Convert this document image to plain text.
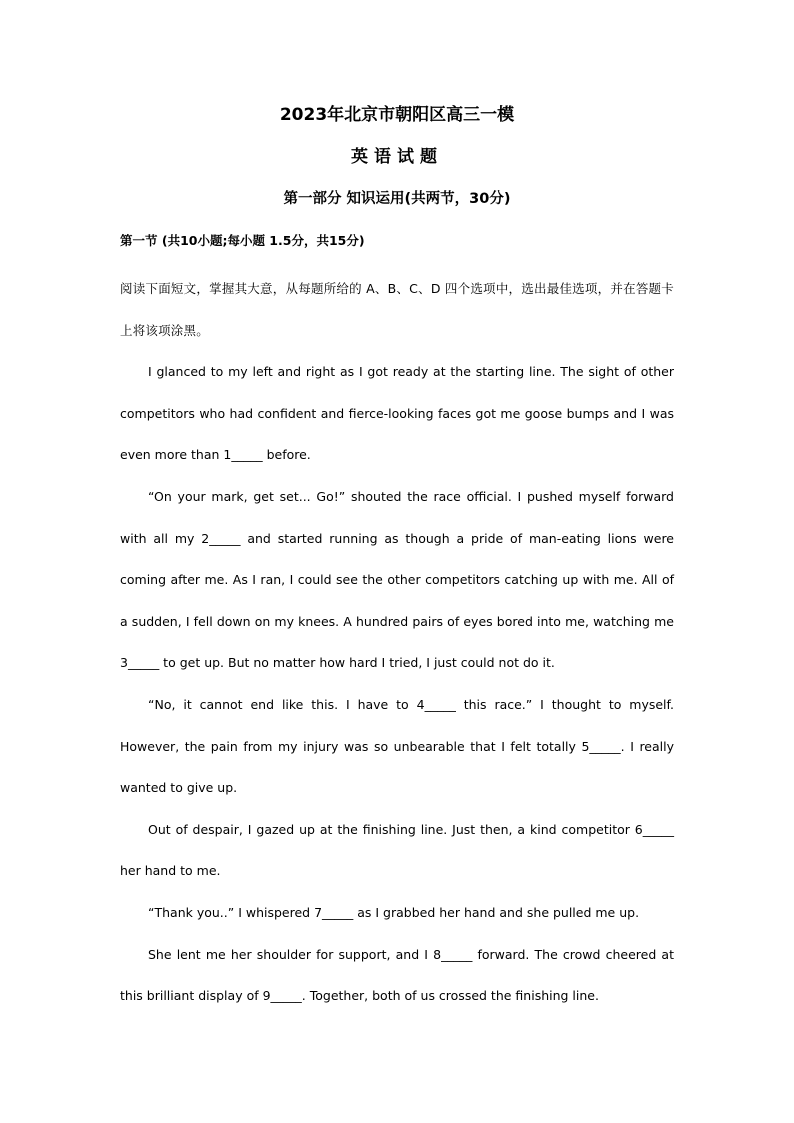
2023年北京市朝阳区高三一模
英语试题
第一部分 知识运用(共两节，30分)
第一节 (共10小题;每小题 1.5分，共15分)

阅读下面短文，掌握其大意，从每题所给的 A、B、C、D 四个选项中，选出最佳选项，并在答题卡上将该项涂黑。

I glanced to my left and right as I got ready at the starting line. The sight of other competitors who had confident and fierce-looking faces got me goose bumps and I was even more than 1_____ before.

“On your mark, get set... Go!” shouted the race official. I pushed myself forward with all my 2_____ and started running as though a pride of man-eating lions were coming after me. As I ran, I could see the other competitors catching up with me. All of a sudden, I fell down on my knees. A hundred pairs of eyes bored into me, watching me 3_____ to get up. But no matter how hard I tried, I just could not do it.

“No, it cannot end like this. I have to 4_____ this race.” I thought to myself. However, the pain from my injury was so unbearable that I felt totally 5_____. I really wanted to give up.

Out of despair, I gazed up at the finishing line. Just then, a kind competitor 6_____ her hand to me.

“Thank you..” I whispered 7_____ as I grabbed her hand and she pulled me up.

She lent me her shoulder for support, and I 8_____ forward. The crowd cheered at this brilliant display of 9_____. Together, both of us crossed the finishing line.
